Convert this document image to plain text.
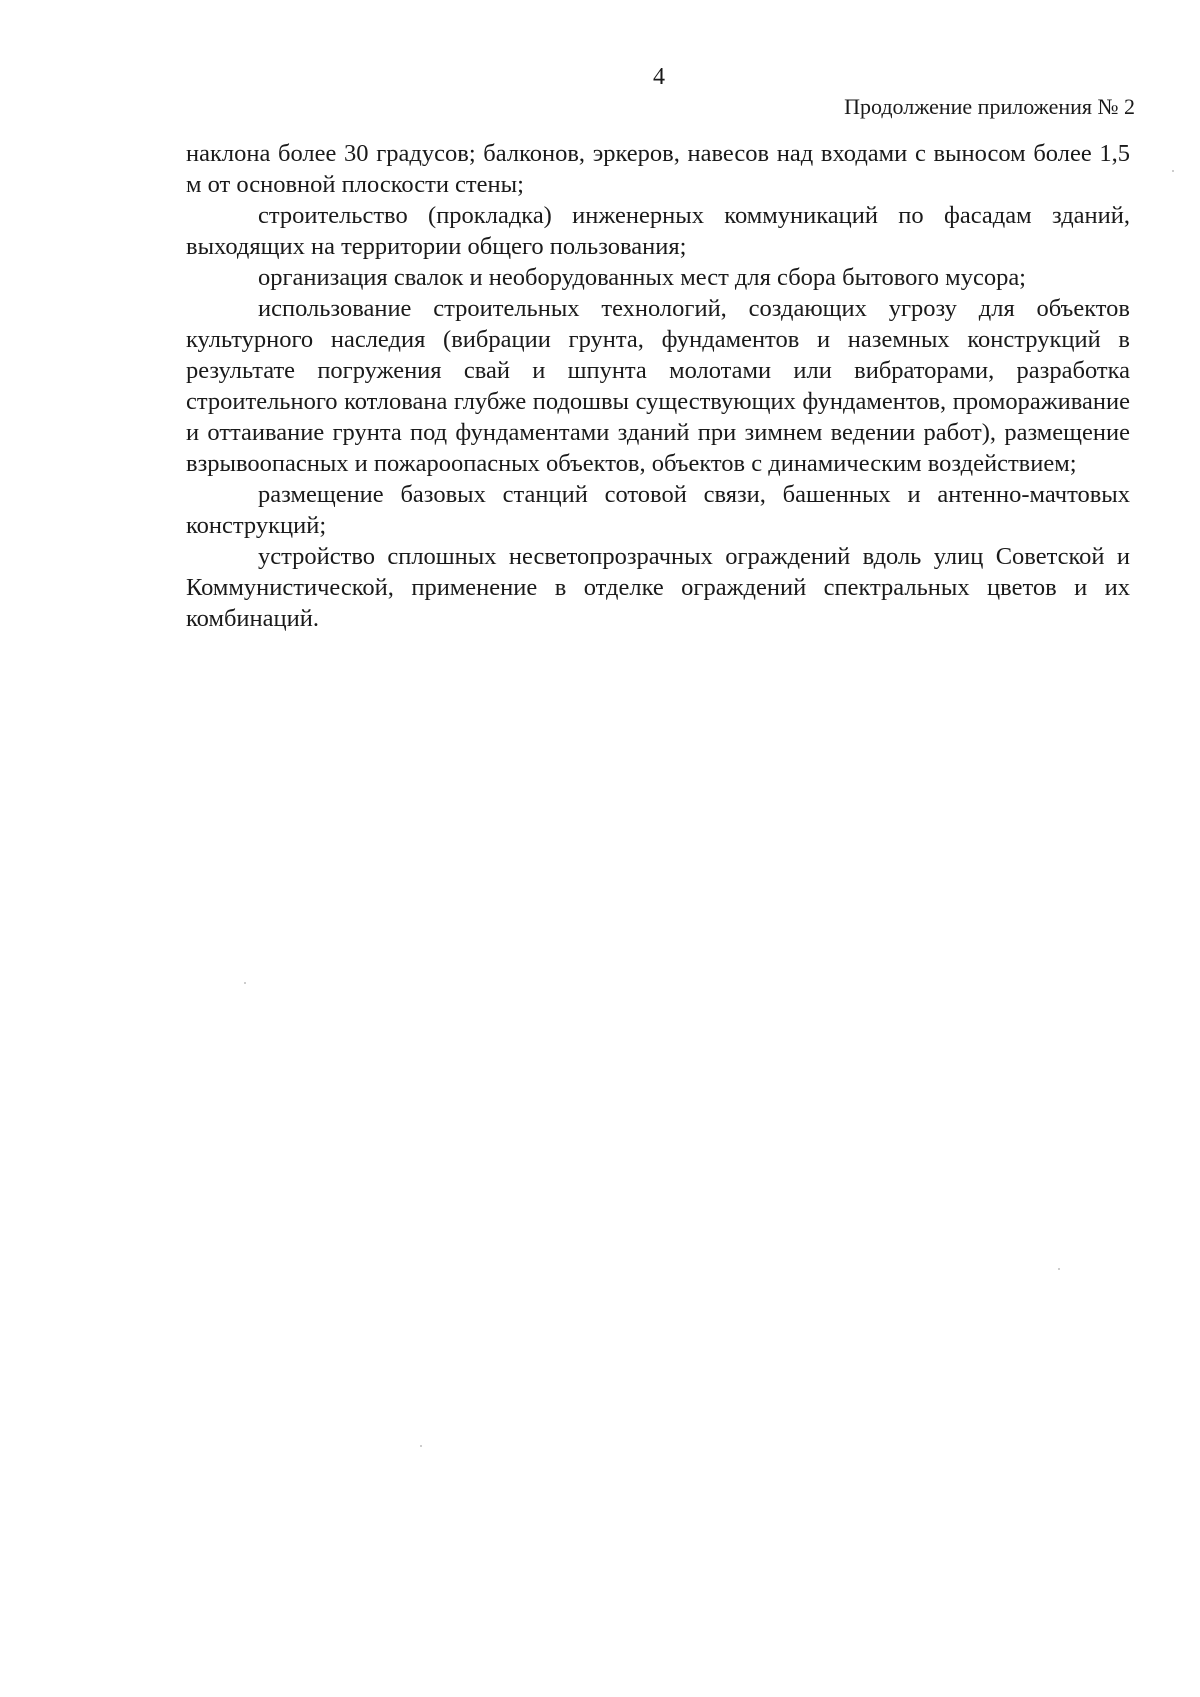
4
Продолжение приложения № 2

наклона более 30 градусов; балконов, эркеров, навесов над входами с выносом более 1,5 м от основной плоскости стены;

строительство (прокладка) инженерных коммуникаций по фасадам зданий, выходящих на территории общего пользования;

организация свалок и необорудованных мест для сбора бытового мусора;

использование строительных технологий, создающих угрозу для объектов культурного наследия (вибрации грунта, фундаментов и наземных конструкций в результате погружения свай и шпунта молотами или вибраторами, разработка строительного котлована глубже подошвы существующих фундаментов, промораживание и оттаивание грунта под фундаментами зданий при зимнем ведении работ), размещение взрывоопасных и пожароопасных объектов, объектов с динамическим воздействием;

размещение базовых станций сотовой связи, башенных и антенно-мачтовых конструкций;

устройство сплошных несветопрозрачных ограждений вдоль улиц Советской и Коммунистической, применение в отделке ограждений спектральных цветов и их комбинаций.
